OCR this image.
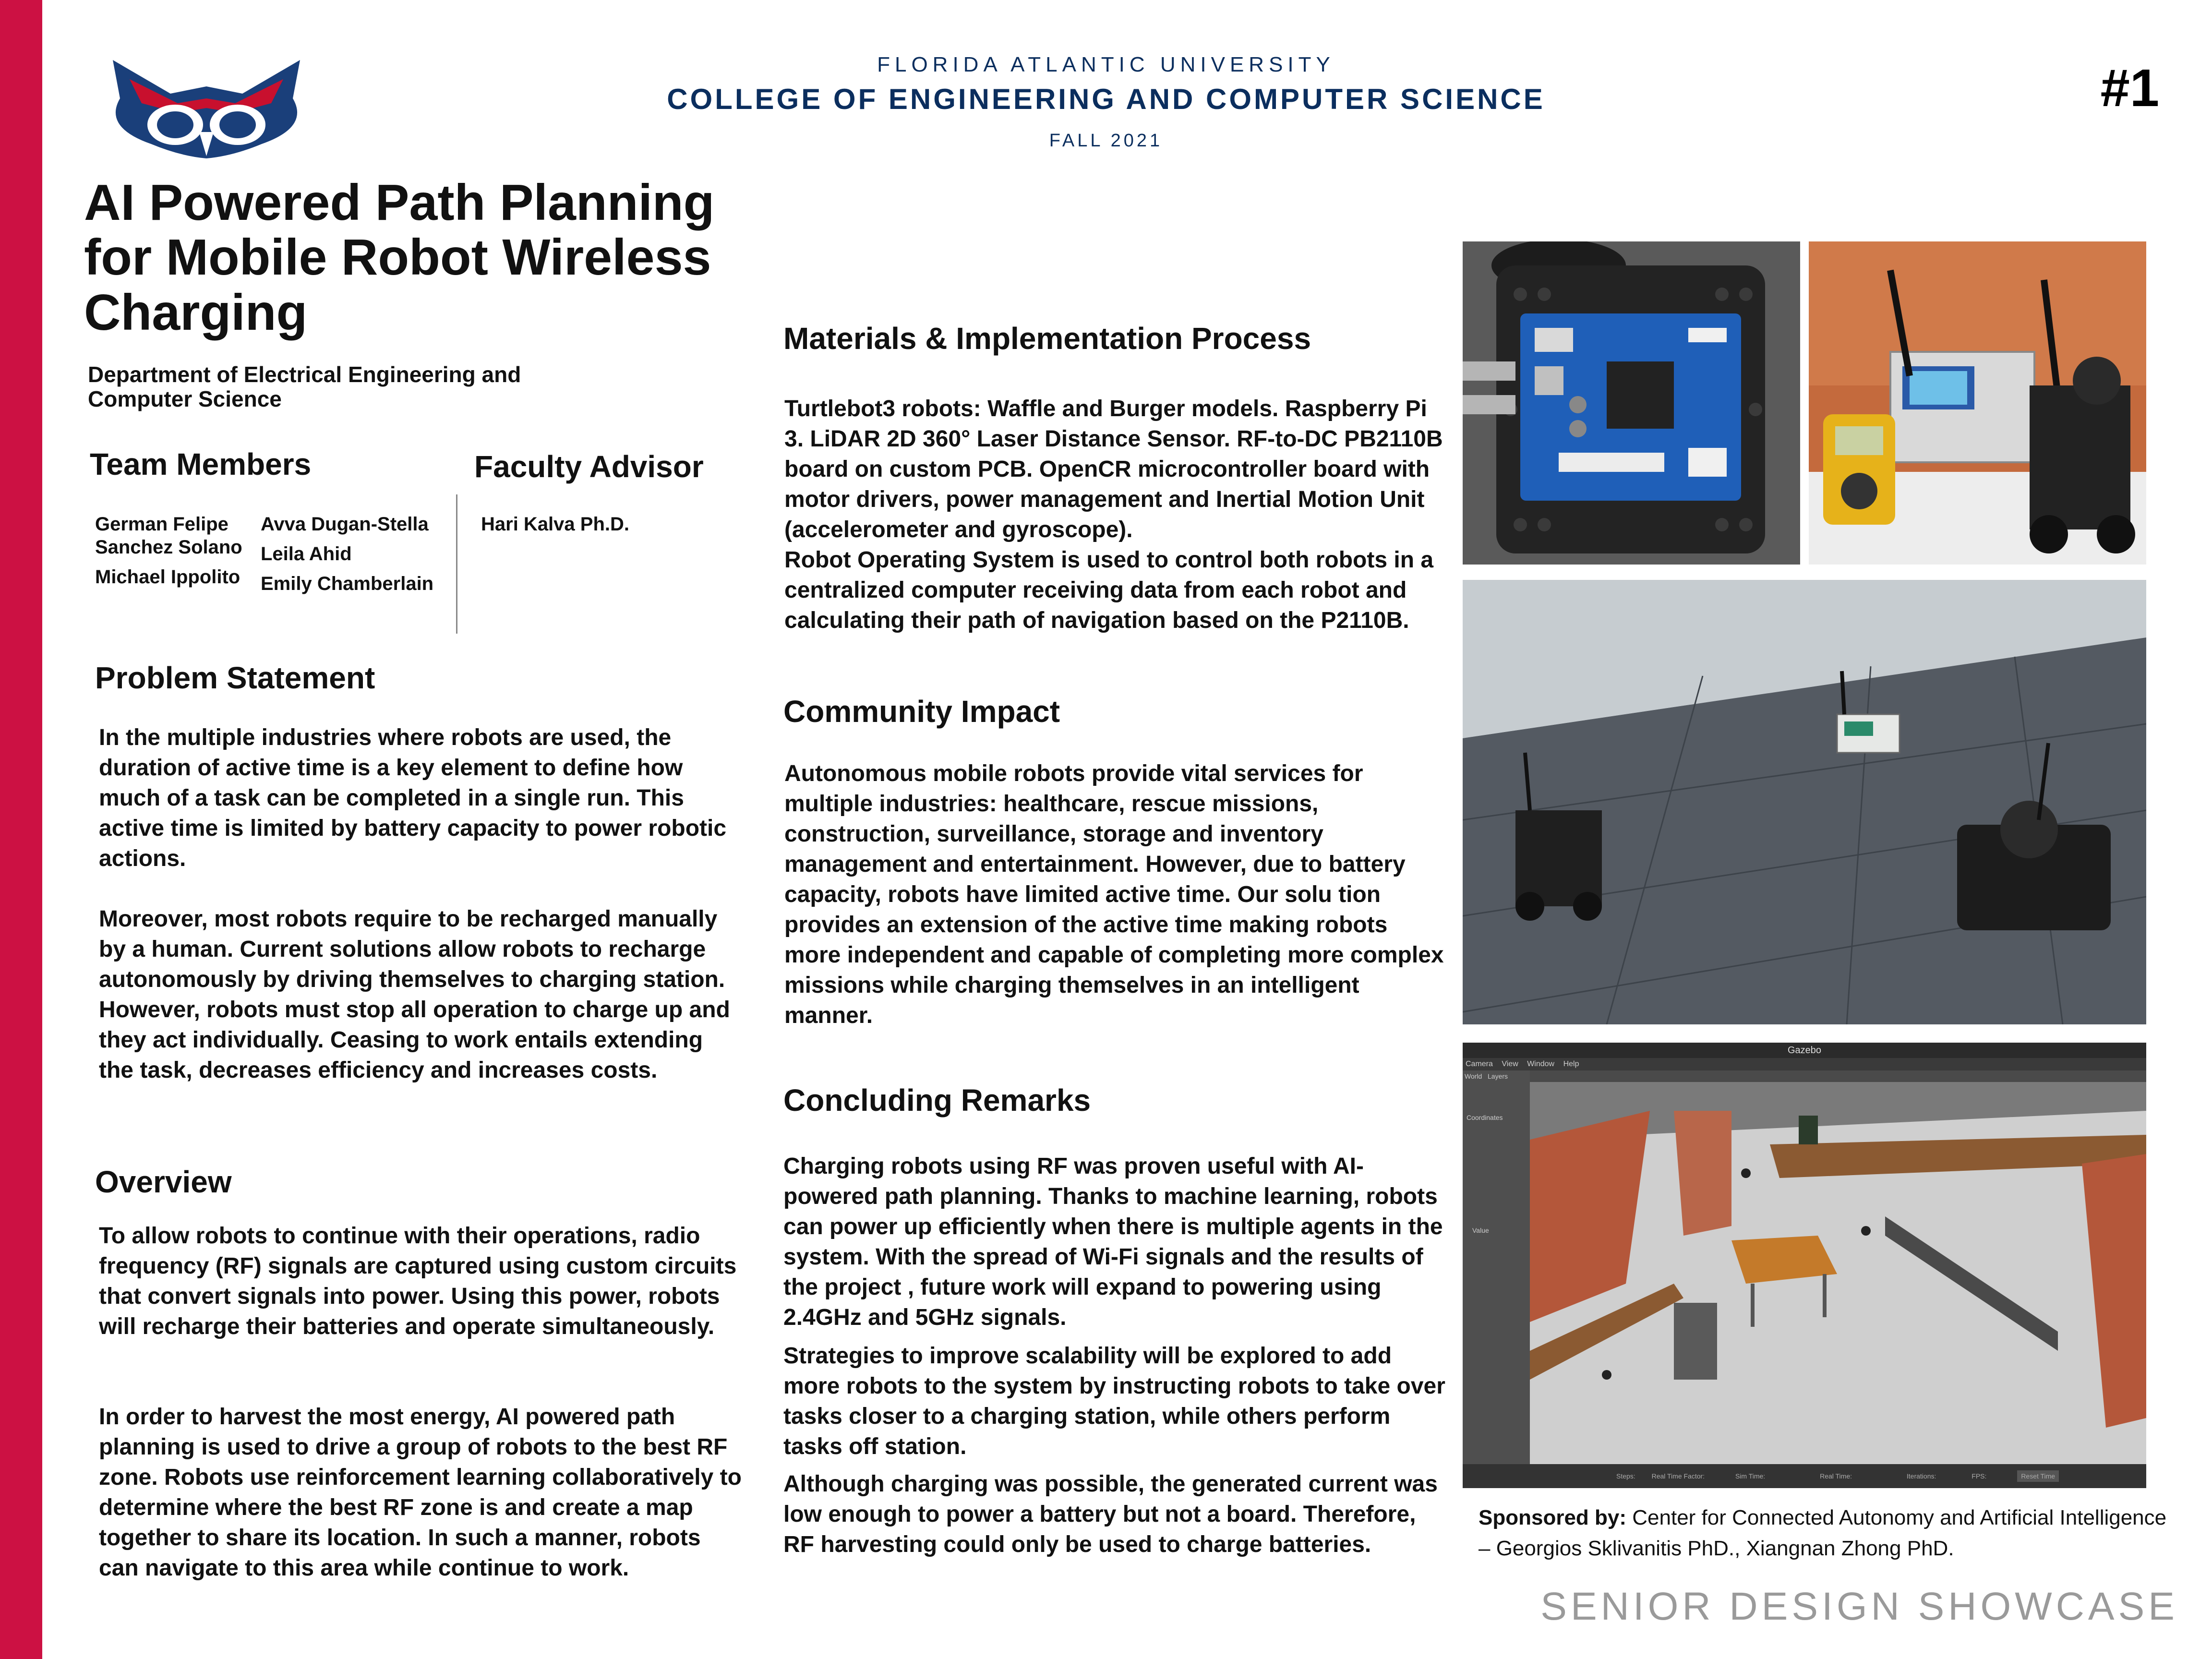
FLORIDA ATLANTIC UNIVERSITY
COLLEGE OF ENGINEERING AND COMPUTER SCIENCE
FALL 2021
#1
AI Powered Path Planning for Mobile Robot Wireless Charging
Department of Electrical Engineering and Computer Science
Team Members
German Felipe Sanchez Solano
Michael Ippolito
Avva Dugan-Stella
Leila Ahid
Emily Chamberlain
Faculty Advisor
Hari Kalva Ph.D.
Problem Statement
In the multiple industries where robots are used, the duration of active time is a key element to define how much of a task can be completed in a single run. This active time is limited by battery capacity to power robotic actions.
Moreover, most robots require to be recharged manually by a human. Current solutions allow robots to recharge autonomously by driving themselves to charging station. However, robots must stop all operation to charge up and they act individually. Ceasing to work entails extending the task, decreases efficiency and increases costs.
Overview
To allow robots to continue with their operations, radio frequency (RF) signals are captured using custom circuits that convert signals into power. Using this power, robots will recharge their batteries and operate simultaneously.
In order to harvest the most energy, AI powered path planning is used to drive a group of robots to the best RF zone. Robots use reinforcement learning collaboratively to determine where the best RF zone is and create a map together to share its location. In such a manner, robots can navigate to this area while continue to work.
Materials & Implementation Process
Turtlebot3 robots: Waffle and Burger models. Raspberry Pi 3. LiDAR 2D 360° Laser Distance Sensor. RF-to-DC PB2110B board on custom PCB. OpenCR microcontroller board with motor drivers, power management and Inertial Motion Unit (accelerometer and gyroscope).
Robot Operating System is used to control both robots in a centralized computer receiving data from each robot and calculating their path of navigation based on the P2110B.
Community Impact
Autonomous mobile robots provide vital services for multiple industries: healthcare, rescue missions, construction, surveillance, storage and inventory management and entertainment. However, due to battery capacity, robots have limited active time. Our solu tion provides an extension of the active time making robots more independent and capable of completing more complex missions while charging themselves in an intelligent manner.
Concluding Remarks
Charging robots using RF was proven useful with AI-powered path planning. Thanks to machine learning, robots can power up efficiently when there is multiple agents in the system. With the spread of Wi-Fi signals and the results of the project , future work will expand to powering using 2.4GHz and 5GHz signals.
Strategies to improve scalability will be explored to add more robots to the system by instructing robots to take over tasks closer to a charging station, while others perform tasks off station.
Although charging was possible, the generated current was low enough to power a battery but not a board. Therefore, RF harvesting could only be used to charge batteries.
Gazebo
Camera View Window Help
World Layers
Coordinates
Value
Steps: Real Time Factor:	Sim Time:	Real Time:	Iterations:	FPS:	Reset Time
Sponsored by: Center for Connected Autonomy and Artificial Intelligence – Georgios Sklivanitis PhD., Xiangnan Zhong PhD.
SENIOR DESIGN SHOWCASE
